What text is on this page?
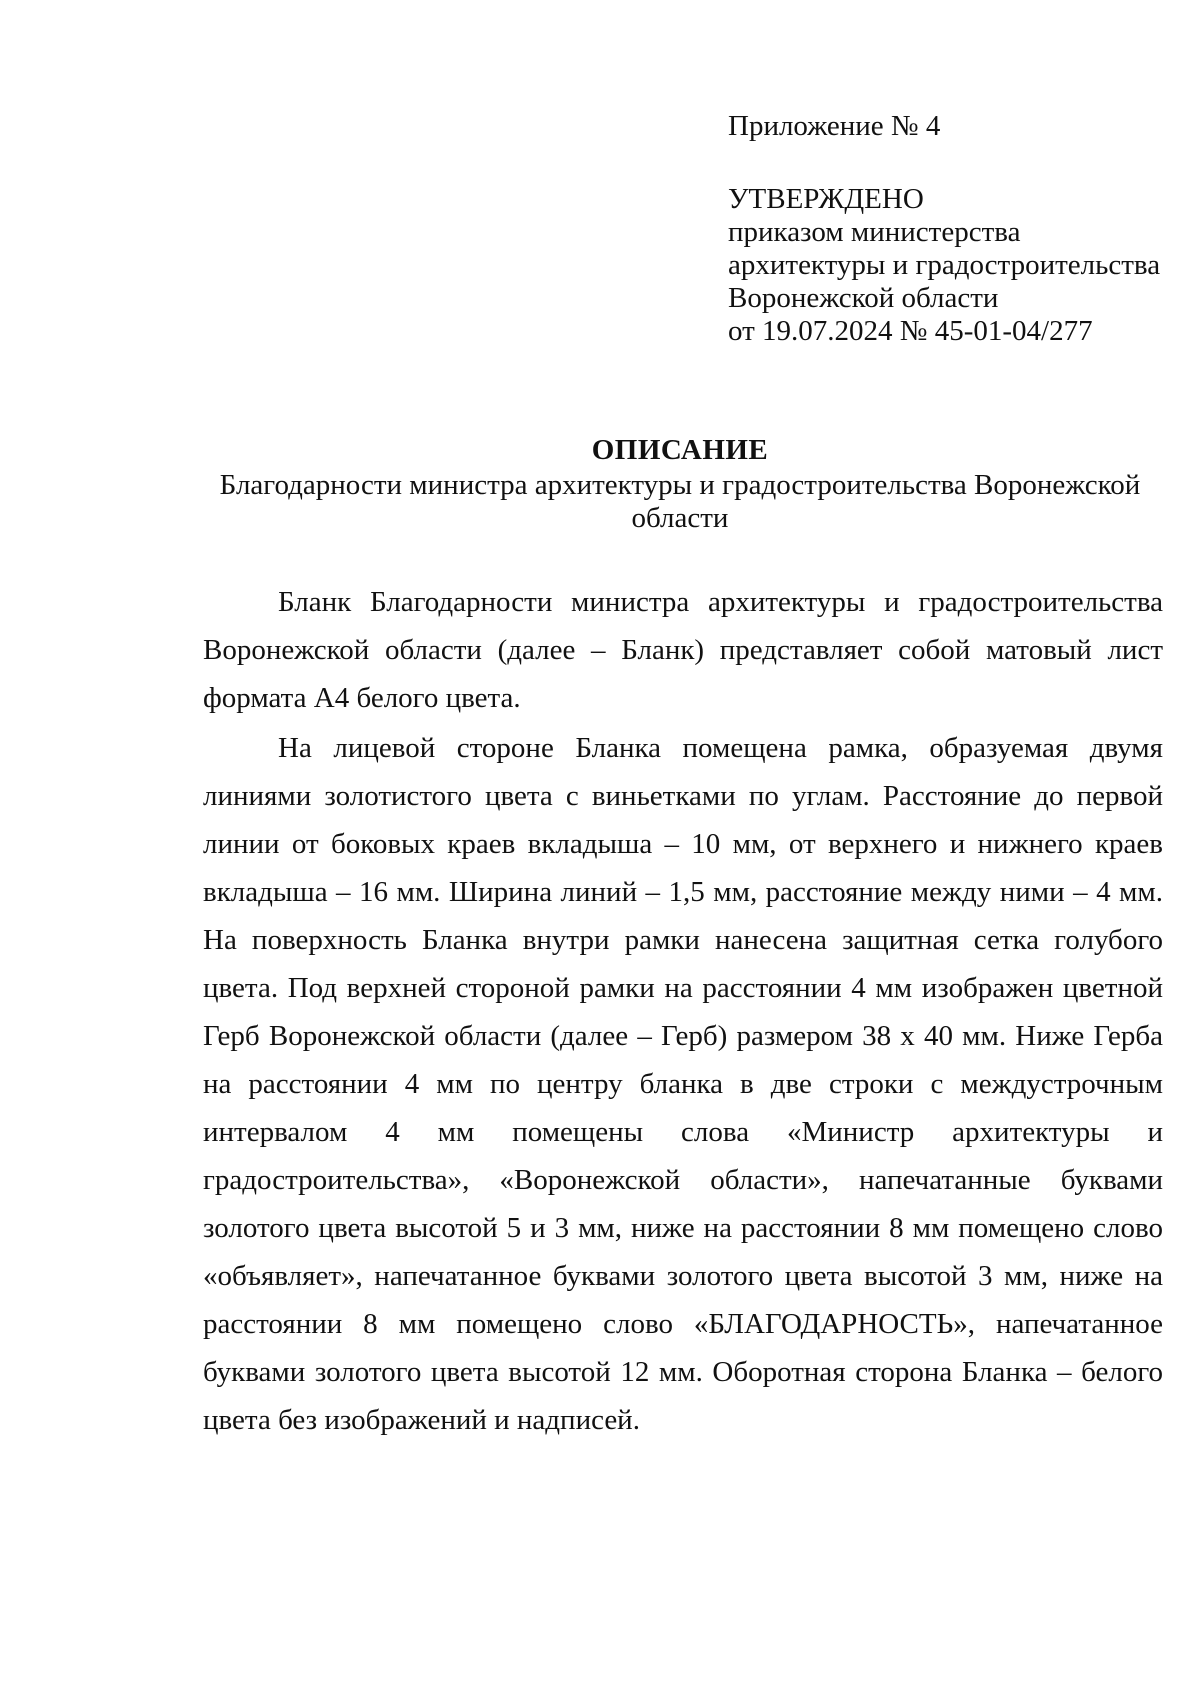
Приложение № 4
УТВЕРЖДЕНО
приказом министерства
архитектуры и градостроительства
Воронежской области
от 19.07.2024 № 45-01-04/277
ОПИСАНИЕ
Благодарности министра архитектуры и градостроительства Воронежской области

Бланк Благодарности министра архитектуры и градостроительства Воронежской области (далее – Бланк) представляет собой матовый лист формата А4 белого цвета.

На лицевой стороне Бланка помещена рамка, образуемая двумя линиями золотистого цвета с виньетками по углам. Расстояние до первой линии от боковых краев вкладыша – 10 мм, от верхнего и нижнего краев вкладыша – 16 мм. Ширина линий – 1,5 мм, расстояние между ними – 4 мм. На поверхность Бланка внутри рамки нанесена защитная сетка голубого цвета. Под верхней стороной рамки на расстоянии 4 мм изображен цветной Герб Воронежской области (далее – Герб) размером 38 х 40 мм. Ниже Герба на расстоянии 4 мм по центру бланка в две строки с междустрочным интервалом 4 мм помещены слова «Министр архитектуры и градостроительства», «Воронежской области», напечатанные буквами золотого цвета высотой 5 и 3 мм, ниже на расстоянии 8 мм помещено слово «объявляет», напечатанное буквами золотого цвета высотой 3 мм, ниже на расстоянии 8 мм помещено слово «БЛАГОДАРНОСТЬ», напечатанное буквами золотого цвета высотой 12 мм. Оборотная сторона Бланка – белого цвета без изображений и надписей.
